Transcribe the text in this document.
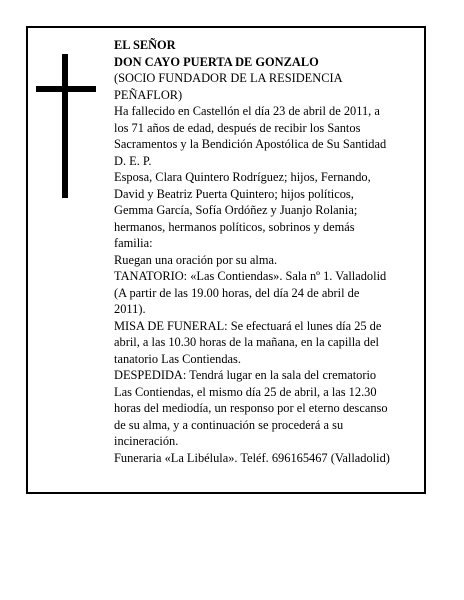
EL SEÑOR

DON CAYO PUERTA DE GONZALO

(SOCIO FUNDADOR DE LA RESIDENCIA
PEÑAFLOR)

Ha fallecido en Castellón el día 23 de abril de 2011, a
los 71 años de edad, después de recibir los Santos
Sacramentos y la Bendición Apostólica de Su Santidad
D. E. P.

Esposa, Clara Quintero Rodríguez; hijos, Fernando,
David y Beatriz Puerta Quintero; hijos políticos,
Gemma García, Sofía Ordóñez y Juanjo Rolania;
hermanos, hermanos políticos, sobrinos y demás
familia:

Ruegan una oración por su alma.

TANATORIO: «Las Contiendas». Sala nº 1. Valladolid
(A partir de las 19.00 horas, del día 24 de abril de
2011).

MISA DE FUNERAL: Se efectuará el lunes día 25 de
abril, a las 10.30 horas de la mañana, en la capilla del
tanatorio Las Contiendas.

DESPEDIDA: Tendrá lugar en la sala del crematorio
Las Contiendas, el mismo día 25 de abril, a las 12.30
horas del mediodía, un responso por el eterno descanso
de su alma, y a continuación se procederá a su
incineración.

Funeraria «La Libélula». Teléf. 696165467 (Valladolid)
